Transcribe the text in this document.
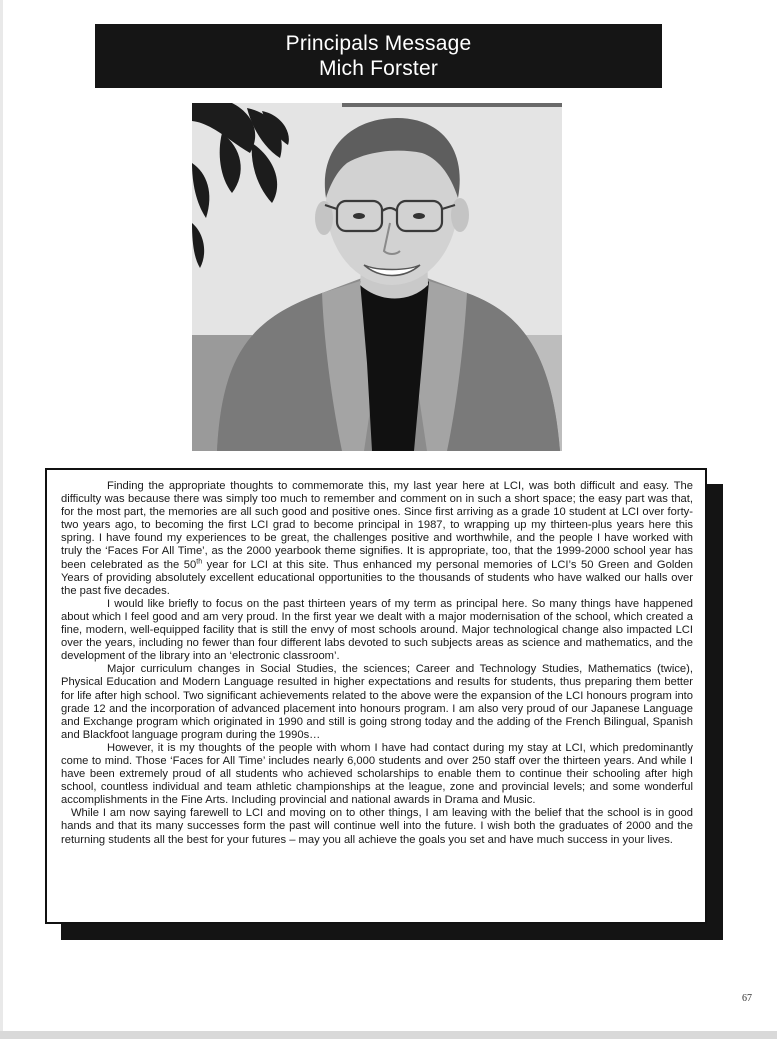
Principals Message
Mich Forster

Finding the appropriate thoughts to commemorate this, my last year here at LCI, was both difficult and easy. The difficulty was because there was simply too much to remember and comment on in such a short space; the easy part was that, for the most part, the memories are all such good and positive ones. Since first arriving as a grade 10 student at LCI over forty-two years ago, to becoming the first LCI grad to become principal in 1987, to wrapping up my thirteen-plus years here this spring. I have found my experiences to be great, the challenges positive and worthwhile, and the people I have worked with truly the ‘Faces For All Time’, as the 2000 yearbook theme signifies. It is appropriate, too, that the 1999-2000 school year has been celebrated as the 50th year for LCI at this site. Thus enhanced my personal memories of LCI’s 50 Green and Golden Years of providing absolutely excellent educational opportunities to the thousands of students who have walked our halls over the past five decades.

I would like briefly to focus on the past thirteen years of my term as principal here. So many things have happened about which I feel good and am very proud. In the first year we dealt with a major modernisation of the school, which created a fine, modern, well-equipped facility that is still the envy of most schools around. Major technological change also impacted LCI over the years, including no fewer than four different labs devoted to such subjects areas as science and mathematics, and the development of the library into an ‘electronic classroom’.

Major curriculum changes in Social Studies, the sciences; Career and Technology Studies, Mathematics (twice), Physical Education and Modern Language resulted in higher expectations and results for students, thus preparing them better for life after high school. Two significant achievements related to the above were the expansion of the LCI honours program into grade 12 and the incorporation of advanced placement into honours program. I am also very proud of our Japanese Language and Exchange program which originated in 1990 and still is going strong today and the adding of the French Bilingual, Spanish and Blackfoot language program during the 1990s…

However, it is my thoughts of the people with whom I have had contact during my stay at LCI, which predominantly come to mind. Those ‘Faces for All Time’ includes nearly 6,000 students and over 250 staff over the thirteen years. And while I have been extremely proud of all students who achieved scholarships to enable them to continue their schooling after high school, countless individual and team athletic championships at the league, zone and provincial levels; and some wonderful accomplishments in the Fine Arts. Including provincial and national awards in Drama and Music.

While I am now saying farewell to LCI and moving on to other things, I am leaving with the belief that the school is in good hands and that its many successes form the past will continue well into the future. I wish both the graduates of 2000 and the returning students all the best for your futures – may you all achieve the goals you set and have much success in your lives.

67
